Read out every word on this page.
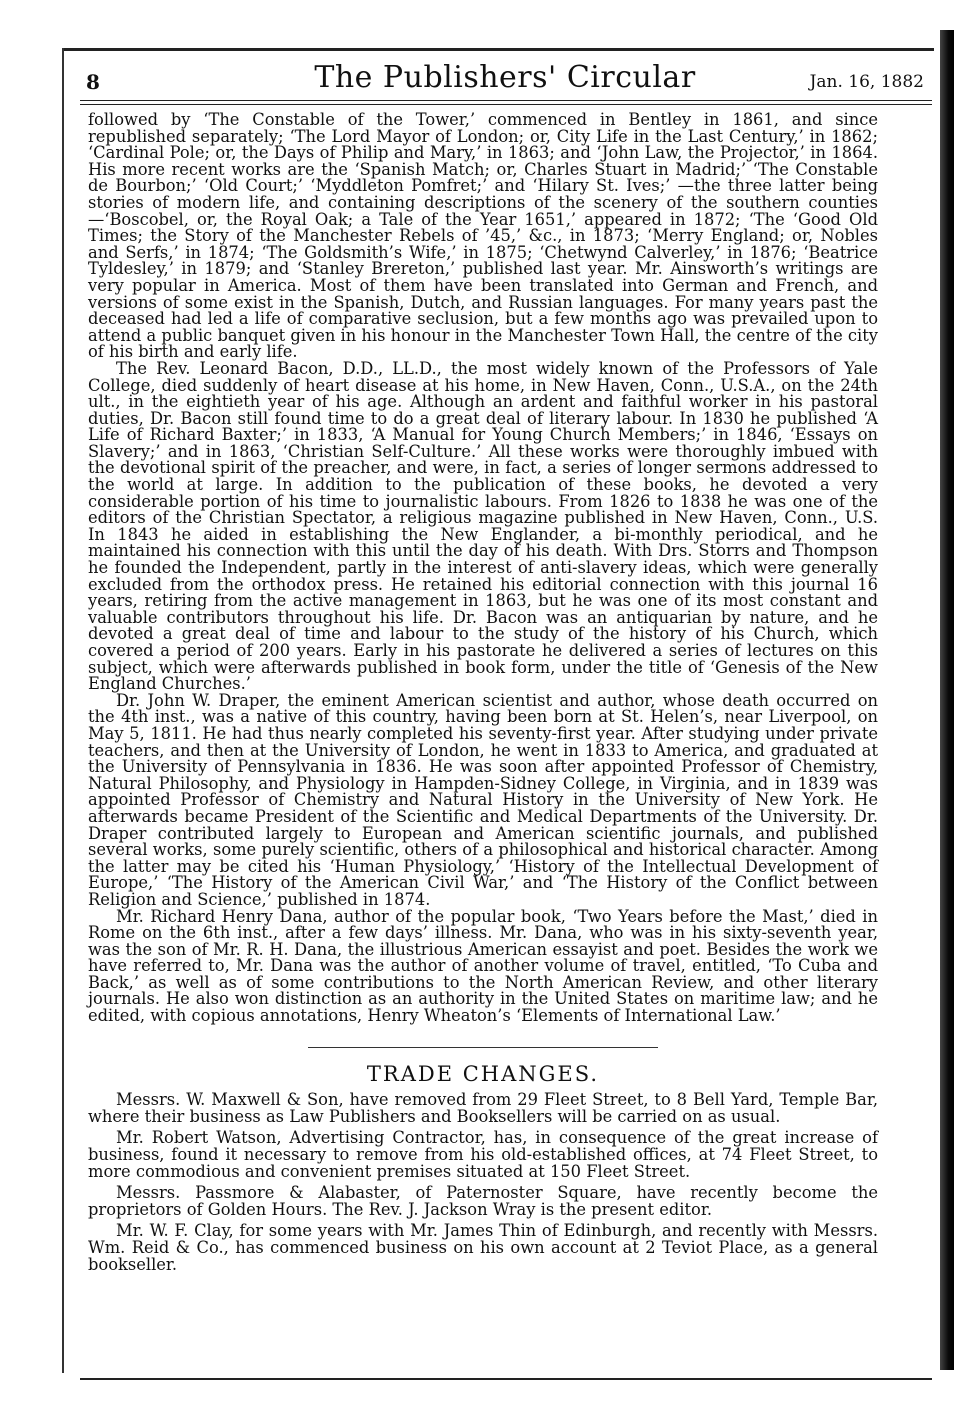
8	The Publishers' Circular	Jan. 16, 1882

followed by ‘The Constable of the Tower,’ commenced in Bentley in 1861, and since republished separately; ‘The Lord Mayor of London; or, City Life in the Last Century,’ in 1862; ‘Cardinal Pole; or, the Days of Philip and Mary,’ in 1863; and ‘John Law, the Projector,’ in 1864. His more recent works are the ‘Spanish Match; or, Charles Stuart in Madrid;’ ‘The Constable de Bourbon;’ ‘Old Court;’ ‘Myddleton Pomfret;’ and ‘Hilary St. Ives;’ —the three latter being stories of modern life, and containing descriptions of the scenery of the southern counties—‘Boscobel, or, the Royal Oak; a Tale of the Year 1651,’ appeared in 1872; ‘The ‘Good Old Times; the Story of the Manchester Rebels of ’45,’ &c., in 1873; ‘Merry England; or, Nobles and Serfs,’ in 1874; ‘The Goldsmith’s Wife,’ in 1875; ‘Chetwynd Calverley,’ in 1876; ‘Beatrice Tyldesley,’ in 1879; and ‘Stanley Brereton,’ published last year. Mr. Ainsworth’s writings are very popular in America. Most of them have been translated into German and French, and versions of some exist in the Spanish, Dutch, and Russian languages. For many years past the deceased had led a life of comparative seclusion, but a few months ago was prevailed upon to attend a public banquet given in his honour in the Manchester Town Hall, the centre of the city of his birth and early life.

The Rev. Leonard Bacon, D.D., LL.D., the most widely known of the Professors of Yale College, died suddenly of heart disease at his home, in New Haven, Conn., U.S.A., on the 24th ult., in the eightieth year of his age. Although an ardent and faithful worker in his pastoral duties, Dr. Bacon still found time to do a great deal of literary labour. In 1830 he published ‘A Life of Richard Baxter;’ in 1833, ‘A Manual for Young Church Members;’ in 1846, ‘Essays on Slavery;’ and in 1863, ‘Christian Self-Culture.’ All these works were thoroughly imbued with the devotional spirit of the preacher, and were, in fact, a series of longer sermons addressed to the world at large. In addition to the publication of these books, he devoted a very considerable portion of his time to journalistic labours. From 1826 to 1838 he was one of the editors of the Christian Spectator, a religious magazine published in New Haven, Conn., U.S. In 1843 he aided in establishing the New Englander, a bi-monthly periodical, and he maintained his connection with this until the day of his death. With Drs. Storrs and Thompson he founded the Independent, partly in the interest of anti-slavery ideas, which were generally excluded from the orthodox press. He retained his editorial connection with this journal 16 years, retiring from the active management in 1863, but he was one of its most constant and valuable contributors throughout his life. Dr. Bacon was an antiquarian by nature, and he devoted a great deal of time and labour to the study of the history of his Church, which covered a period of 200 years. Early in his pastorate he delivered a series of lectures on this subject, which were afterwards published in book form, under the title of ‘Genesis of the New England Churches.’

Dr. John W. Draper, the eminent American scientist and author, whose death occurred on the 4th inst., was a native of this country, having been born at St. Helen’s, near Liverpool, on May 5, 1811. He had thus nearly completed his seventy-first year. After studying under private teachers, and then at the University of London, he went in 1833 to America, and graduated at the University of Pennsylvania in 1836. He was soon after appointed Professor of Chemistry, Natural Philosophy, and Physiology in Hampden-Sidney College, in Virginia, and in 1839 was appointed Professor of Chemistry and Natural History in the University of New York. He afterwards became President of the Scientific and Medical Departments of the University. Dr. Draper contributed largely to European and American scientific journals, and published several works, some purely scientific, others of a philosophical and historical character. Among the latter may be cited his ‘Human Physiology,’ ‘History of the Intellectual Development of Europe,’ ‘The History of the American Civil War,’ and ‘The History of the Conflict between Religion and Science,’ published in 1874.

Mr. Richard Henry Dana, author of the popular book, ‘Two Years before the Mast,’ died in Rome on the 6th inst., after a few days’ illness. Mr. Dana, who was in his sixty-seventh year, was the son of Mr. R. H. Dana, the illustrious American essayist and poet. Besides the work we have referred to, Mr. Dana was the author of another volume of travel, entitled, ‘To Cuba and Back,’ as well as of some contributions to the North American Review, and other literary journals. He also won distinction as an authority in the United States on maritime law; and he edited, with copious annotations, Henry Wheaton’s ‘Elements of International Law.’

TRADE CHANGES.

Messrs. W. Maxwell & Son, have removed from 29 Fleet Street, to 8 Bell Yard, Temple Bar, where their business as Law Publishers and Booksellers will be carried on as usual.

Mr. Robert Watson, Advertising Contractor, has, in consequence of the great increase of business, found it necessary to remove from his old-established offices, at 74 Fleet Street, to more commodious and convenient premises situated at 150 Fleet Street.

Messrs. Passmore & Alabaster, of Paternoster Square, have recently become the proprietors of Golden Hours. The Rev. J. Jackson Wray is the present editor.

Mr. W. F. Clay, for some years with Mr. James Thin of Edinburgh, and recently with Messrs. Wm. Reid & Co., has commenced business on his own account at 2 Teviot Place, as a general bookseller.
